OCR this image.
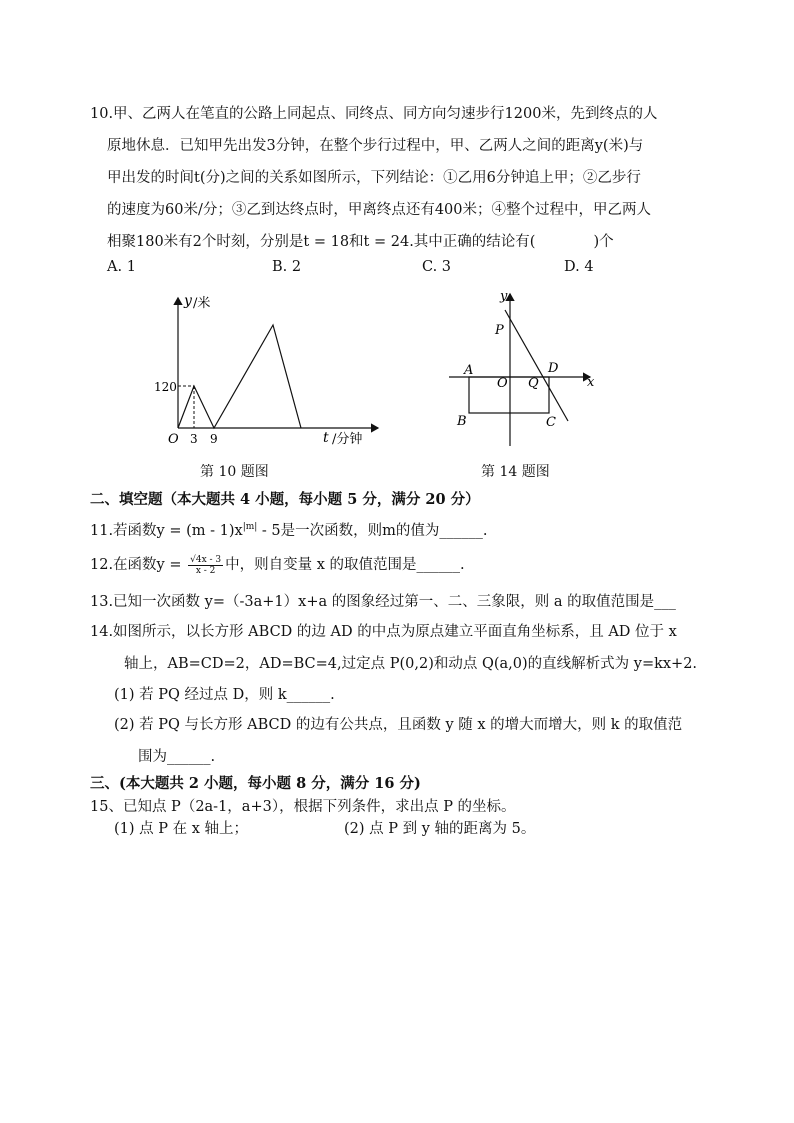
10.甲、乙两人在笔直的公路上同起点、同终点、同方向匀速步行1200米，先到终点的人
原地休息．已知甲先出发3分钟，在整个步行过程中，甲、乙两人之间的距离y(米)与
甲出发的时间t(分)之间的关系如图所示，下列结论：①乙用6分钟追上甲；②乙步行
的速度为60米/分；③乙到达终点时，甲离终点还有400米；④整个过程中，甲乙两人
相聚180米有2个时刻，分别是t = 18和t = 24.其中正确的结论有(　　　　)个
A. 1	B. 2	C. 3	D. 4
y /米
120
O 3 9	t /分钟
第 10 题图
y
P
A
O Q
D
x
B	C
第 14 题图
二、填空题（本大题共 4 小题，每小题 5 分，满分 20 分）
11.若函数$y = (m - 1)x^{|m|} - 5$是一次函数，则m的值为______.
12.在函数$y = \frac{√4x - 3}{x - 2}$ 中，则自变量 x 的取值范围是______.
13.已知一次函数 y=（-3a+1）x+a 的图象经过第一、二、三象限，则 a 的取值范围是___
14.如图所示，以长方形 ABCD 的边 AD 的中点为原点建立平面直角坐标系，且 AD 位于 x
轴上，AB=CD=2，AD=BC=4,过定点 P(0,2)和动点 Q(a,0)的直线解析式为 y=kx+2.
(1) 若 PQ 经过点 D，则 k______.
(2) 若 PQ 与长方形 ABCD 的边有公共点，且函数 y 随 x 的增大而增大，则 k 的取值范
围为______.
三、(本大题共 2 小题，每小题 8 分，满分 16 分)
15、已知点 P（2a-1，a+3），根据下列条件，求出点 P 的坐标。
(1) 点 P 在 x 轴上；	(2) 点 P 到 y 轴的距离为 5。
